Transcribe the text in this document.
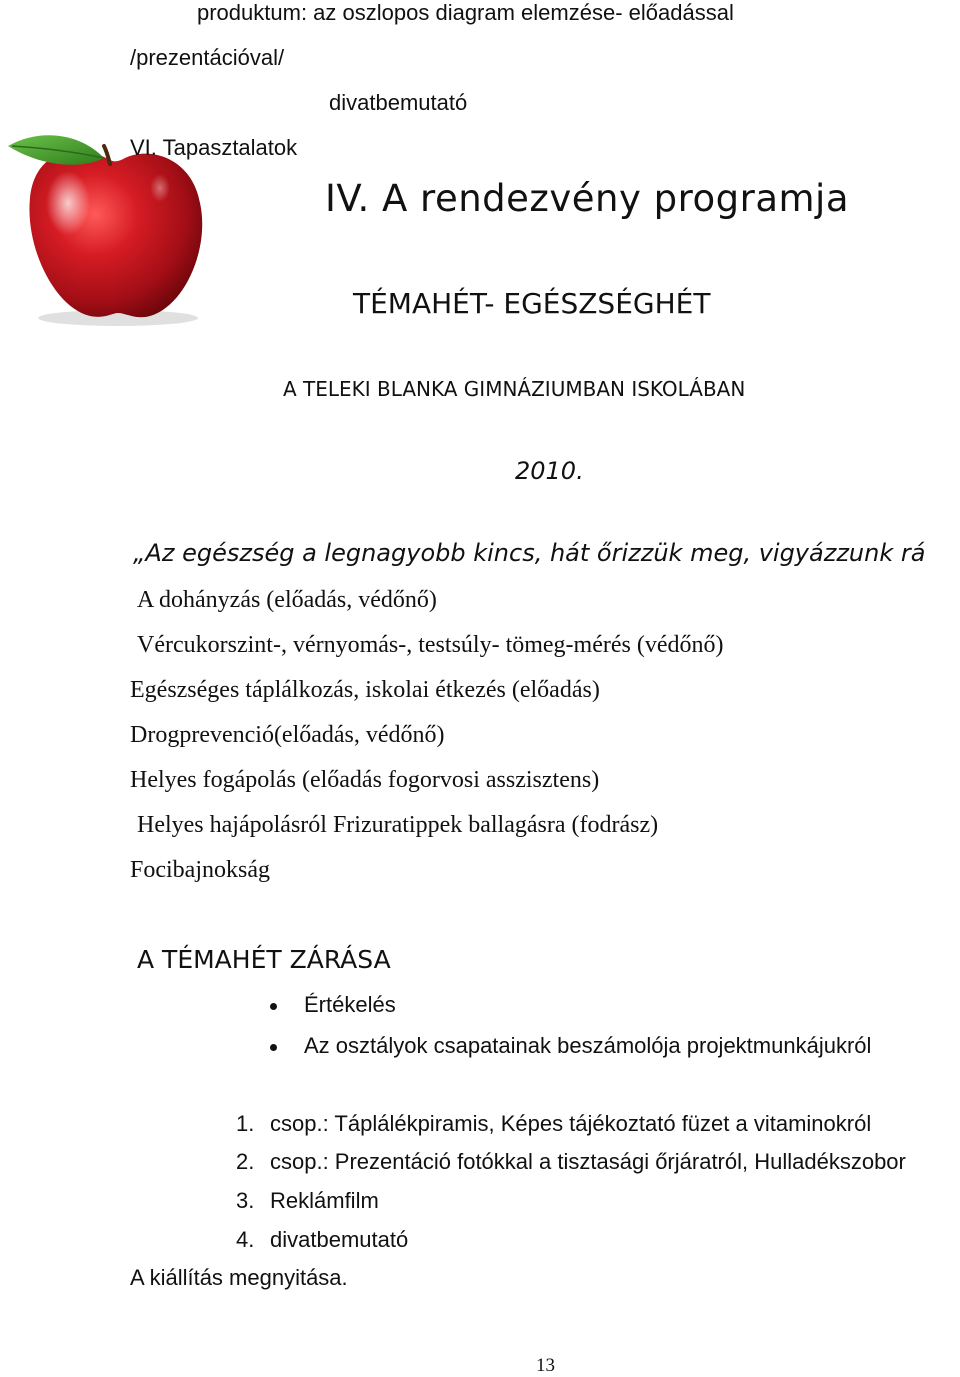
produktum: az oszlopos diagram elemzése- előadással
/prezentációval/
divatbemutató
VI. Tapasztalatok
IV. A rendezvény programja
TÉMAHÉT- EGÉSZSÉGHÉT
A TELEKI BLANKA GIMNÁZIUMBAN ISKOLÁBAN
2010.
„Az egészség a legnagyobb kincs, hát őrizzük meg, vigyázzunk rá
A dohányzás (előadás, védőnő)
Vércukorszint-, vérnyomás-, testsúly- tömeg-mérés (védőnő)
Egészséges táplálkozás, iskolai étkezés (előadás)
Drogprevenció(előadás, védőnő)
Helyes fogápolás (előadás fogorvosi asszisztens)
Helyes hajápolásról Frizuratippek ballagásra (fodrász)
Focibajnokság
A TÉMAHÉT ZÁRÁSA
Értékelés
Az osztályok csapatainak beszámolója projektmunkájukról
1. csop.: Táplálékpiramis, Képes tájékoztató füzet a vitaminokról
2. csop.: Prezentáció fotókkal a tisztasági őrjáratról, Hulladékszobor
3. Reklámfilm
4. divatbemutató
A kiállítás megnyitása.
13
